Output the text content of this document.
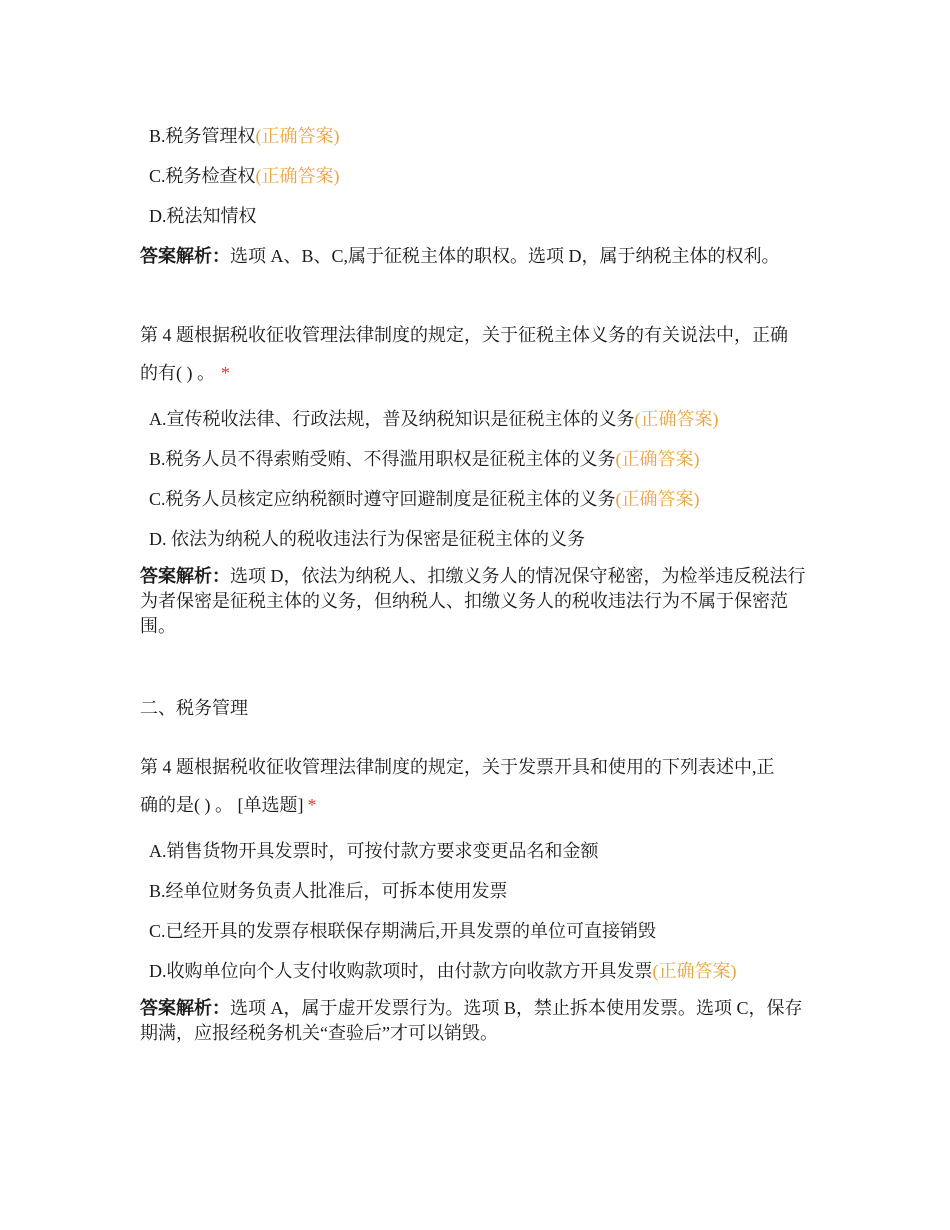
B.税务管理权(正确答案)
C.税务检查权(正确答案)
D.税法知情权
答案解析：选项 A、B、C,属于征税主体的职权。选项 D，属于纳税主体的权利。
第 4 题根据税收征收管理法律制度的规定，关于征税主体义务的有关说法中，正确
的有( ) 。 *
A.宣传税收法律、行政法规，普及纳税知识是征税主体的义务(正确答案)
B.税务人员不得索贿受贿、不得滥用职权是征税主体的义务(正确答案)
C.税务人员核定应纳税额时遵守回避制度是征税主体的义务(正确答案)
D. 依法为纳税人的税收违法行为保密是征税主体的义务
答案解析：选项 D，依法为纳税人、扣缴义务人的情况保守秘密，为检举违反税法行为者保密是征税主体的义务，但纳税人、扣缴义务人的税收违法行为不属于保密范围。
二、税务管理
第 4 题根据税收征收管理法律制度的规定，关于发票开具和使用的下列表述中,正
确的是( ) 。 [单选题] *
A.销售货物开具发票时，可按付款方要求变更品名和金额
B.经单位财务负责人批准后，可拆本使用发票
C.已经开具的发票存根联保存期满后,开具发票的单位可直接销毁
D.收购单位向个人支付收购款项时，由付款方向收款方开具发票(正确答案)
答案解析：选项 A，属于虚开发票行为。选项 B，禁止拆本使用发票。选项 C，保存期满，应报经税务机关“查验后”才可以销毁。
